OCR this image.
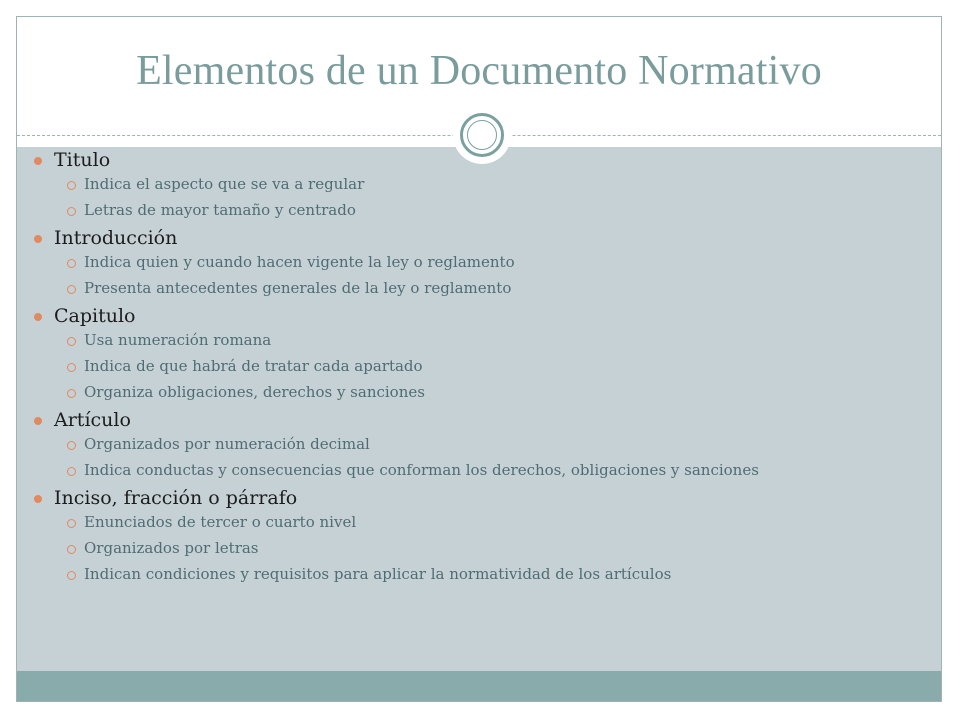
Elementos de un Documento Normativo
Titulo
Indica el aspecto que se va a regular
Letras de mayor tamaño y centrado
Introducción
Indica quien y cuando hacen vigente la ley o reglamento
Presenta antecedentes generales de la ley o reglamento
Capitulo
Usa numeración romana
Indica de que habrá de tratar cada apartado
Organiza obligaciones, derechos y sanciones
Artículo
Organizados por numeración decimal
Indica conductas y consecuencias que conforman los derechos, obligaciones y sanciones
Inciso, fracción o párrafo
Enunciados de tercer o cuarto nivel
Organizados por letras
Indican condiciones y requisitos para aplicar la normatividad de los artículos
